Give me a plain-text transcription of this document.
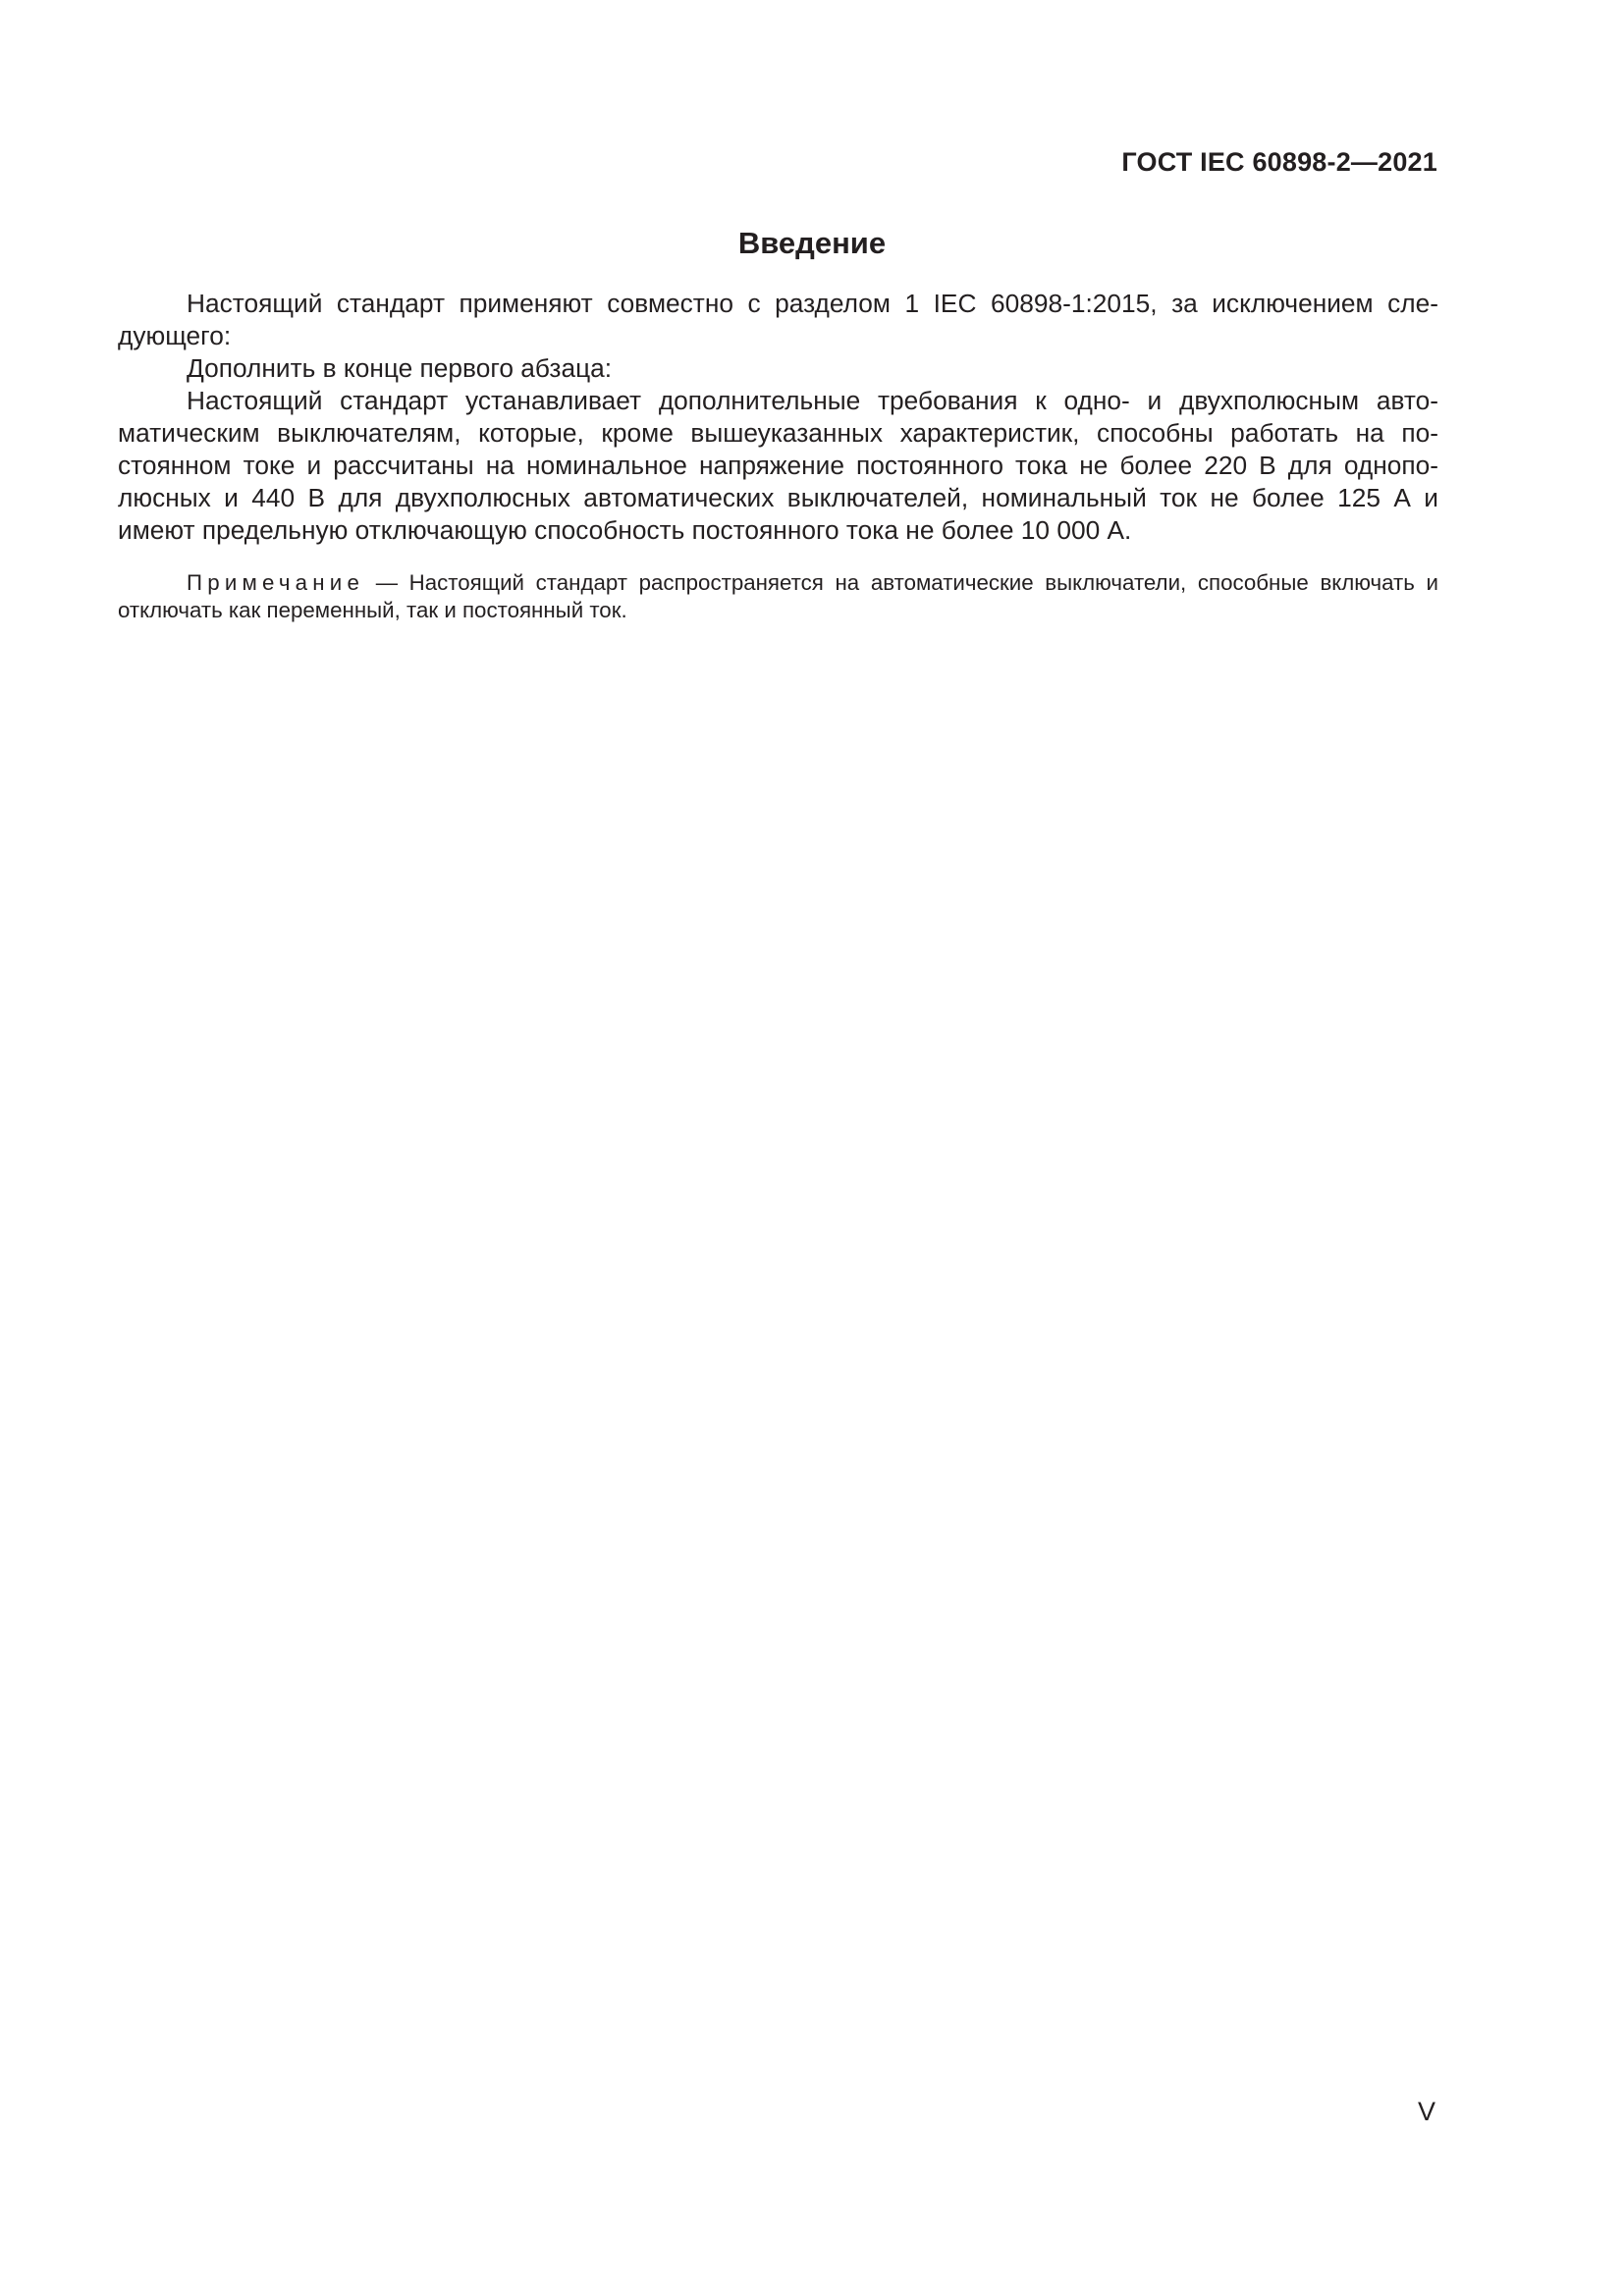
ГОСТ IEC 60898-2—2021
Введение

Настоящий стандарт применяют совместно с разделом 1 IEC 60898-1:2015, за исключением следующего:

Дополнить в конце первого абзаца:

Настоящий стандарт устанавливает дополнительные требования к одно- и двухполюсным автоматическим выключателям, которые, кроме вышеуказанных характеристик, способны работать на постоянном токе и рассчитаны на номинальное напряжение постоянного тока не более 220 В для однополюсных и 440 В для двухполюсных автоматических выключателей, номинальный ток не более 125 А и имеют предельную отключающую способность постоянного тока не более 10 000 А.

Примечание — Настоящий стандарт распространяется на автоматические выключатели, способные включать и отключать как переменный, так и постоянный ток.
V
